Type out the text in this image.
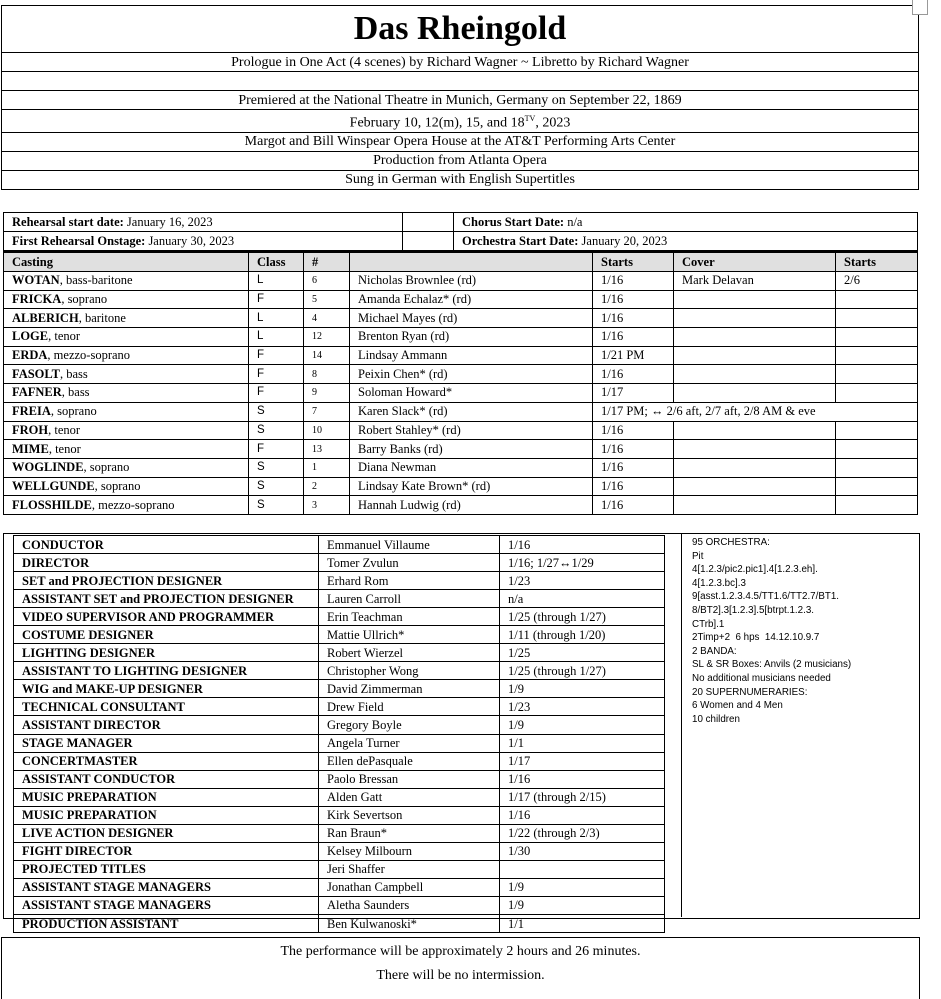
Das Rheingold
Prologue in One Act (4 scenes) by Richard Wagner ~ Libretto by Richard Wagner

Premiered at the National Theatre in Munich, Germany on September 22, 1869
February 10, 12(m), 15, and $18^{TV}$, 2023
Margot and Bill Winspear Opera House at the AT&T Performing Arts Center
Production from Atlanta Opera
Sung in German with English Supertitles
Rehearsal start date: January 16, 2023		Chorus Start Date: n/a
First Rehearsal Onstage: January 30, 2023		Orchestra Start Date: January 20, 2023
Casting	Class	#		Starts	Cover	Starts
WOTAN, bass-baritone	L	6	Nicholas Brownlee (rd)	1/16	Mark Delavan	2/6
FRICKA, soprano	F	5	Amanda Echalaz* (rd)	1/16		
ALBERICH, baritone	L	4	Michael Mayes (rd)	1/16		
LOGE, tenor	L	12	Brenton Ryan (rd)	1/16		
ERDA, mezzo-soprano	F	14	Lindsay Ammann	1/21 PM		
FASOLT, bass	F	8	Peixin Chen* (rd)	1/16		
FAFNER, bass	F	9	Soloman Howard*	1/17		
FREIA, soprano	S	7	Karen Slack* (rd)	1/17 PM; ↔ 2/6 aft, 2/7 aft, 2/8 AM & eve		
FROH, tenor	S	10	Robert Stahley* (rd)	1/16		
MIME, tenor	F	13	Barry Banks (rd)	1/16		
WOGLINDE, soprano	S	1	Diana Newman	1/16		
WELLGUNDE, soprano	S	2	Lindsay Kate Brown* (rd)	1/16		
FLOSSHILDE, mezzo-soprano	S	3	Hannah Ludwig (rd)	1/16		
CONDUCTOR	Emmanuel Villaume	1/16
DIRECTOR	Tomer Zvulun	1/16; 1/27↔1/29
SET and PROJECTION DESIGNER	Erhard Rom	1/23
ASSISTANT SET and PROJECTION DESIGNER	Lauren Carroll	n/a
VIDEO SUPERVISOR AND PROGRAMMER	Erin Teachman	1/25 (through 1/27)
COSTUME DESIGNER	Mattie Ullrich*	1/11 (through 1/20)
LIGHTING DESIGNER	Robert Wierzel	1/25
ASSISTANT TO LIGHTING DESIGNER	Christopher Wong	1/25 (through 1/27)
WIG and MAKE-UP DESIGNER	David Zimmerman	1/9
TECHNICAL CONSULTANT	Drew Field	1/23
ASSISTANT DIRECTOR	Gregory Boyle	1/9
STAGE MANAGER	Angela Turner	1/1
CONCERTMASTER	Ellen dePasquale	1/17
ASSISTANT CONDUCTOR	Paolo Bressan	1/16
MUSIC PREPARATION	Alden Gatt	1/17 (through 2/15)
MUSIC PREPARATION	Kirk Severtson	1/16
LIVE ACTION DESIGNER	Ran Braun*	1/22 (through 2/3)
FIGHT DIRECTOR	Kelsey Milbourn	1/30
PROJECTED TITLES	Jeri Shaffer	
ASSISTANT STAGE MANAGERS	Jonathan Campbell	1/9
ASSISTANT STAGE MANAGERS	Aletha Saunders	1/9
PRODUCTION ASSISTANT	Ben Kulwanoski*	1/1
95 ORCHESTRA:
Pit
4[1.2.3/pic2.pic1].4[1.2.3.eh].
4[1.2.3.bc].3
9[asst.1.2.3.4.5/TT1.6/TT2.7/BT1.
8/BT2].3[1.2.3].5[btrpt.1.2.3.
CTrb].1
2Timp+2  6 hps  14.12.10.9.7
2 BANDA:
SL & SR Boxes: Anvils (2 musicians)
No additional musicians needed
20 SUPERNUMERARIES:
6 Women and 4 Men
10 children
The performance will be approximately 2 hours and 26 minutes.
There will be no intermission.
